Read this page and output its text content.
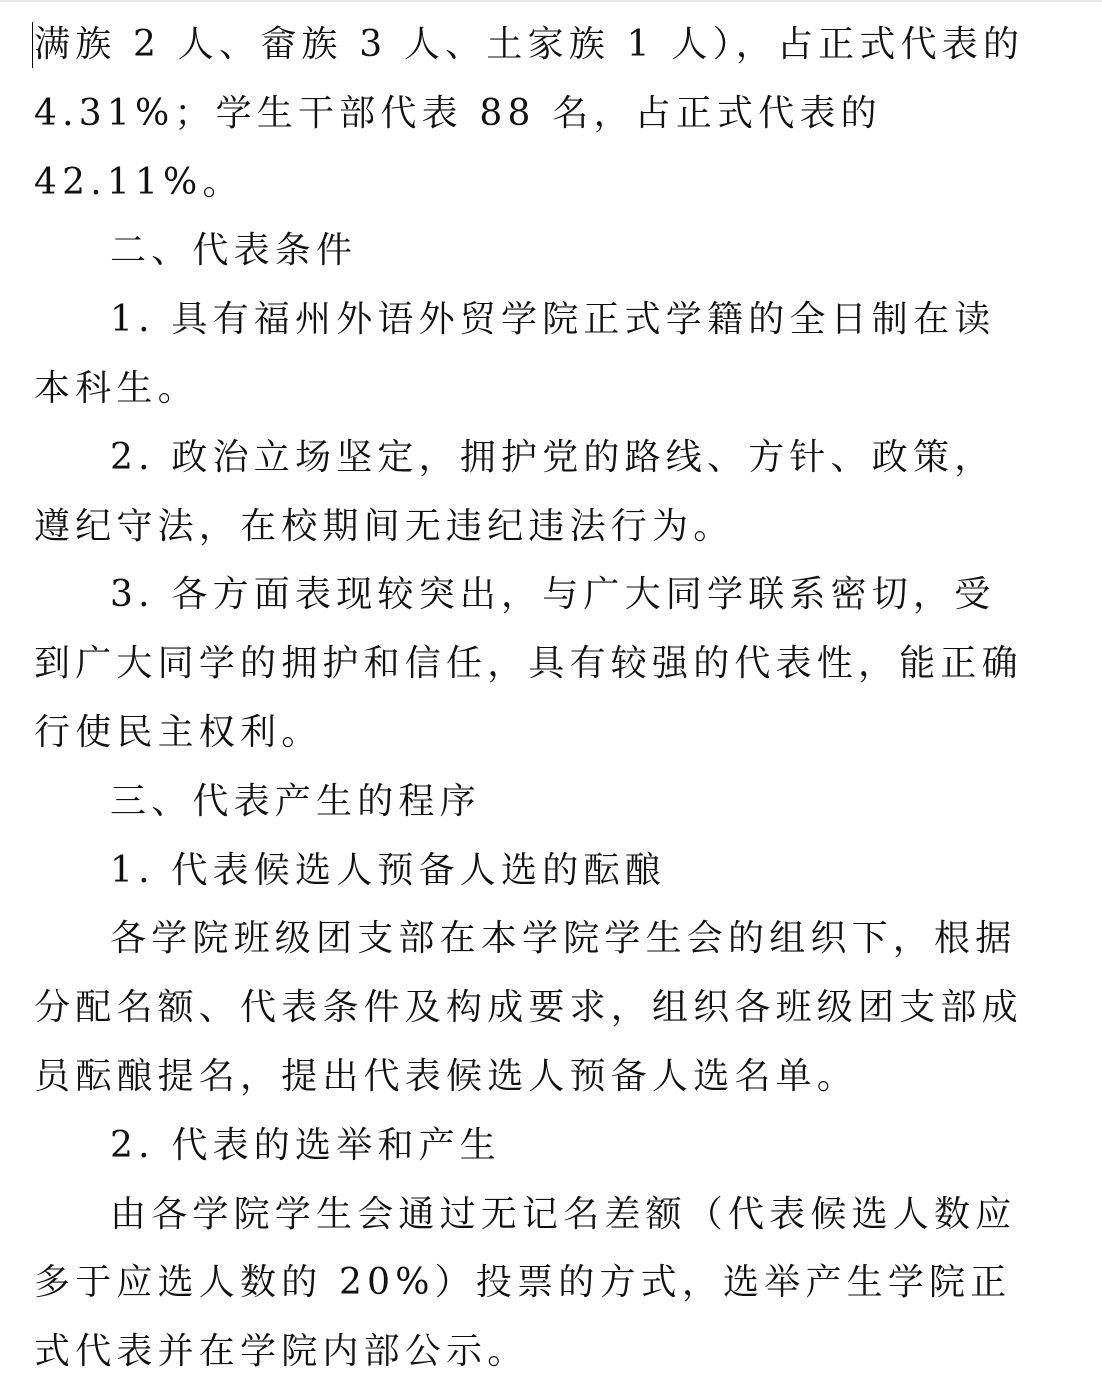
满族 2 人、畲族 3 人、土家族 1 人），占正式代表的 4.31%；学生干部代表 88 名，占正式代表的 42.11%。

二、代表条件

1. 具有福州外语外贸学院正式学籍的全日制在读本科生。

2. 政治立场坚定，拥护党的路线、方针、政策，遵纪守法，在校期间无违纪违法行为。

3. 各方面表现较突出，与广大同学联系密切，受到广大同学的拥护和信任，具有较强的代表性，能正确行使民主权利。

三、代表产生的程序

1. 代表候选人预备人选的酝酿

各学院班级团支部在本学院学生会的组织下，根据分配名额、代表条件及构成要求，组织各班级团支部成员酝酿提名，提出代表候选人预备人选名单。

2. 代表的选举和产生

由各学院学生会通过无记名差额（代表候选人数应多于应选人数的 20%）投票的方式，选举产生学院正式代表并在学院内部公示。
